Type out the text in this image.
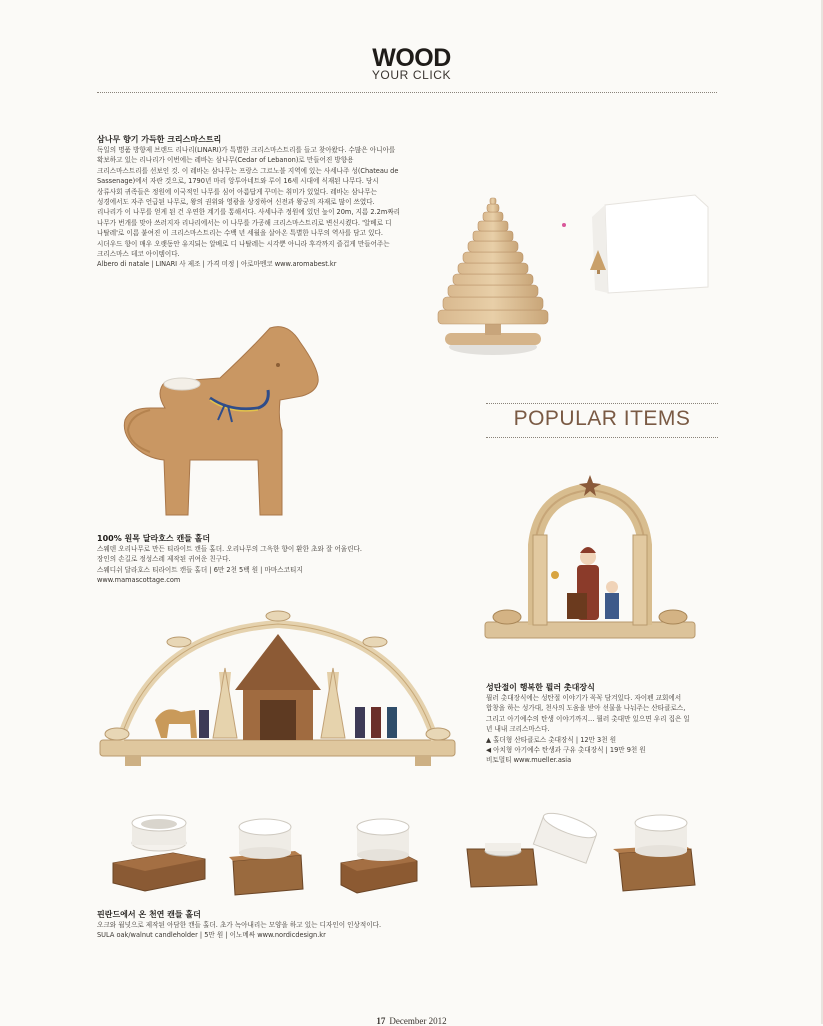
WOOD
YOUR CLICK
삼나무 향기 가득한 크리스마스트리
독일의 명품 방향제 브랜드 리나리(LINARI)가 특별한 크리스마스트리를 들고 찾아왔다. 수많은 아니아를
확보하고 있는 리나리가 이번에는 레바논 삼나무(Cedar of Lebanon)로 만들어진 방향용
크리스마스트리를 선보인 것. 이 레바논 삼나무는 프랑스 그르노블 지역에 있는 사세나주 성(Chateau de
Sassenage)에서 자란 것으로, 1790년 마리 앙투아네트와 루이 16세 시대에 식재된 나무다. 당시
상류사회 귀족들은 정원에 이국적인 나무를 심어 아름답게 꾸미는 취미가 있었다. 레바논 삼나무는
성경에서도 자주 언급된 나무로, 왕의 권위와 영광을 상징하여 신전과 왕궁의 자재로 많이 쓰였다.
리나리가 이 나무를 얻게 된 건 우연한 계기를 통해서다. 사세나주 정원에 있던 높이 20m, 지름 2.2m짜리
나무가 번개를 맞아 쓰러지자 리나리에서는 이 나무를 가공해 크리스마스트리로 변신시켰다. '알베로 디
나탈레'로 이름 붙여진 이 크리스마스트리는 수백 년 세월을 살아온 특별한 나무의 역사를 담고 있다.
시더우드 향이 매우 오랫동안 유지되는 알베로 디 나탈레는 시각뿐 아니라 후각까지 즐겁게 만들어주는
크리스마스 데코 아이템이다.
Albero di natale | LINARI 사 제조 | 가격 미정 | 아로마멘코 www.aromabest.kr
100% 원목 달라호스 캔들 홀더
스웨덴 오리나무로 만든 티라이트 캔들 홀더. 오리나무의 그윽한 향이 환한 초와 잘 어울린다.
장인의 손길로 정성스레 제작된 귀여운 친구다.
스웨디쉬 달라호스 티라이트 캔들 홀더 | 6만 2천 5백 원 | 마마스코티지
www.mamascottage.com
POPULAR ITEMS
성탄절이 행복한 뮐러 촛대장식
뮐러 촛대장식에는 성탄절 이야기가 꼭꼭 담겨있다. 자이펜 교회에서
합창을 하는 성가대, 천사의 도움을 받아 선물을 나눠주는 산타클로스,
그리고 아기예수의 탄생 이야기까지… 뮐러 촛대만 있으면 우리 집은 일
년 내내 크리스마스다.
▲ 홀더형 산타클로스 촛대장식 | 12만 3천 원
◀ 아치형 아기예수 탄생과 구유 촛대장식 | 19만 9천 원
비토멀티 www.mueller.asia
핀란드에서 온 천연 캔들 홀더
오크와 월넛으로 제작된 아담한 캔들 홀더. 초가 녹아내리는 모양을 하고 있는 디자인이 인상적이다.
SULA oak/walnut candleholder | 5만 원 | 이노메싸 www.nordicdesign.kr
17 December 2012
